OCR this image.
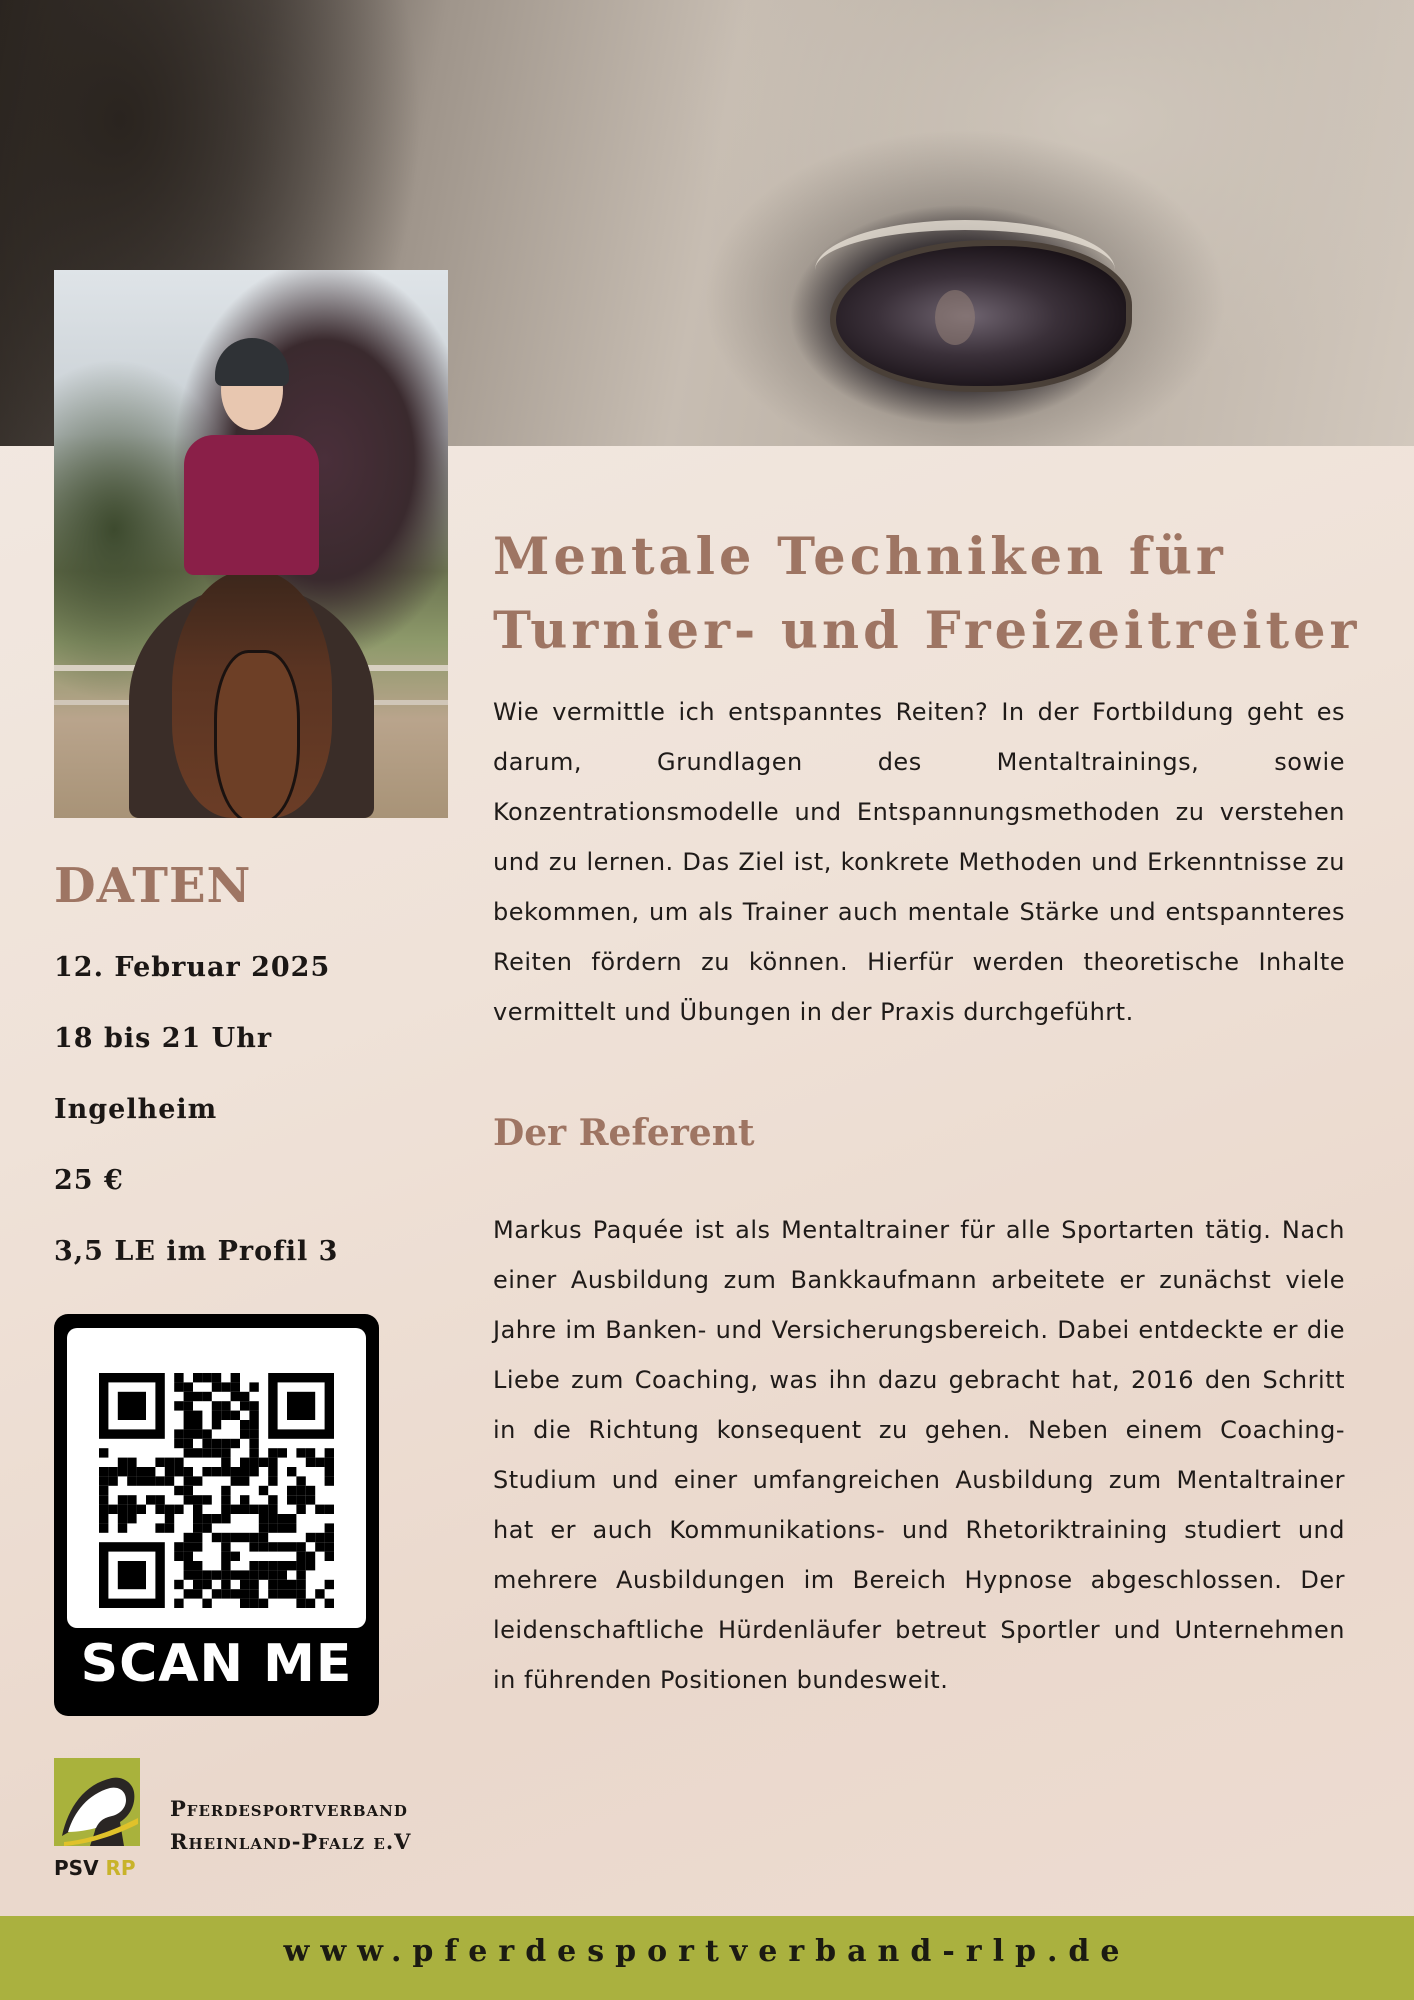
Mentale Techniken für
Turnier- und Freizeitreiter

Wie vermittle ich entspanntes Reiten? In der Fortbildung geht es darum, Grundlagen des Mentaltrainings, sowie Konzentrationsmodelle und Entspannungsmethoden zu verstehen und zu lernen. Das Ziel ist, konkrete Methoden und Erkenntnisse zu bekommen, um als Trainer auch mentale Stärke und entspannteres Reiten fördern zu können. Hierfür werden theoretische Inhalte vermittelt und Übungen in der Praxis durchgeführt.

Der Referent

Markus Paquée ist als Mentaltrainer für alle Sportarten tätig. Nach einer Ausbildung zum Bankkaufmann arbeitete er zunächst viele Jahre im Banken- und Versicherungsbereich. Dabei entdeckte er die Liebe zum Coaching, was ihn dazu gebracht hat, 2016 den Schritt in die Richtung konsequent zu gehen. Neben einem Coaching-Studium und einer umfangreichen Ausbildung zum Mentaltrainer hat er auch Kommunikations- und Rhetoriktraining studiert und mehrere Ausbildungen im Bereich Hypnose abgeschlossen. Der leidenschaftliche Hürdenläufer betreut Sportler und Unternehmen in führenden Positionen bundesweit.

DATEN
12. Februar 2025
18 bis 21 Uhr
Ingelheim
25 €
3,5 LE im Profil 3
SCAN ME
PSV RP
Pferdesportverband
Rheinland-Pfalz e.V
www.pferdesportverband-rlp.de
